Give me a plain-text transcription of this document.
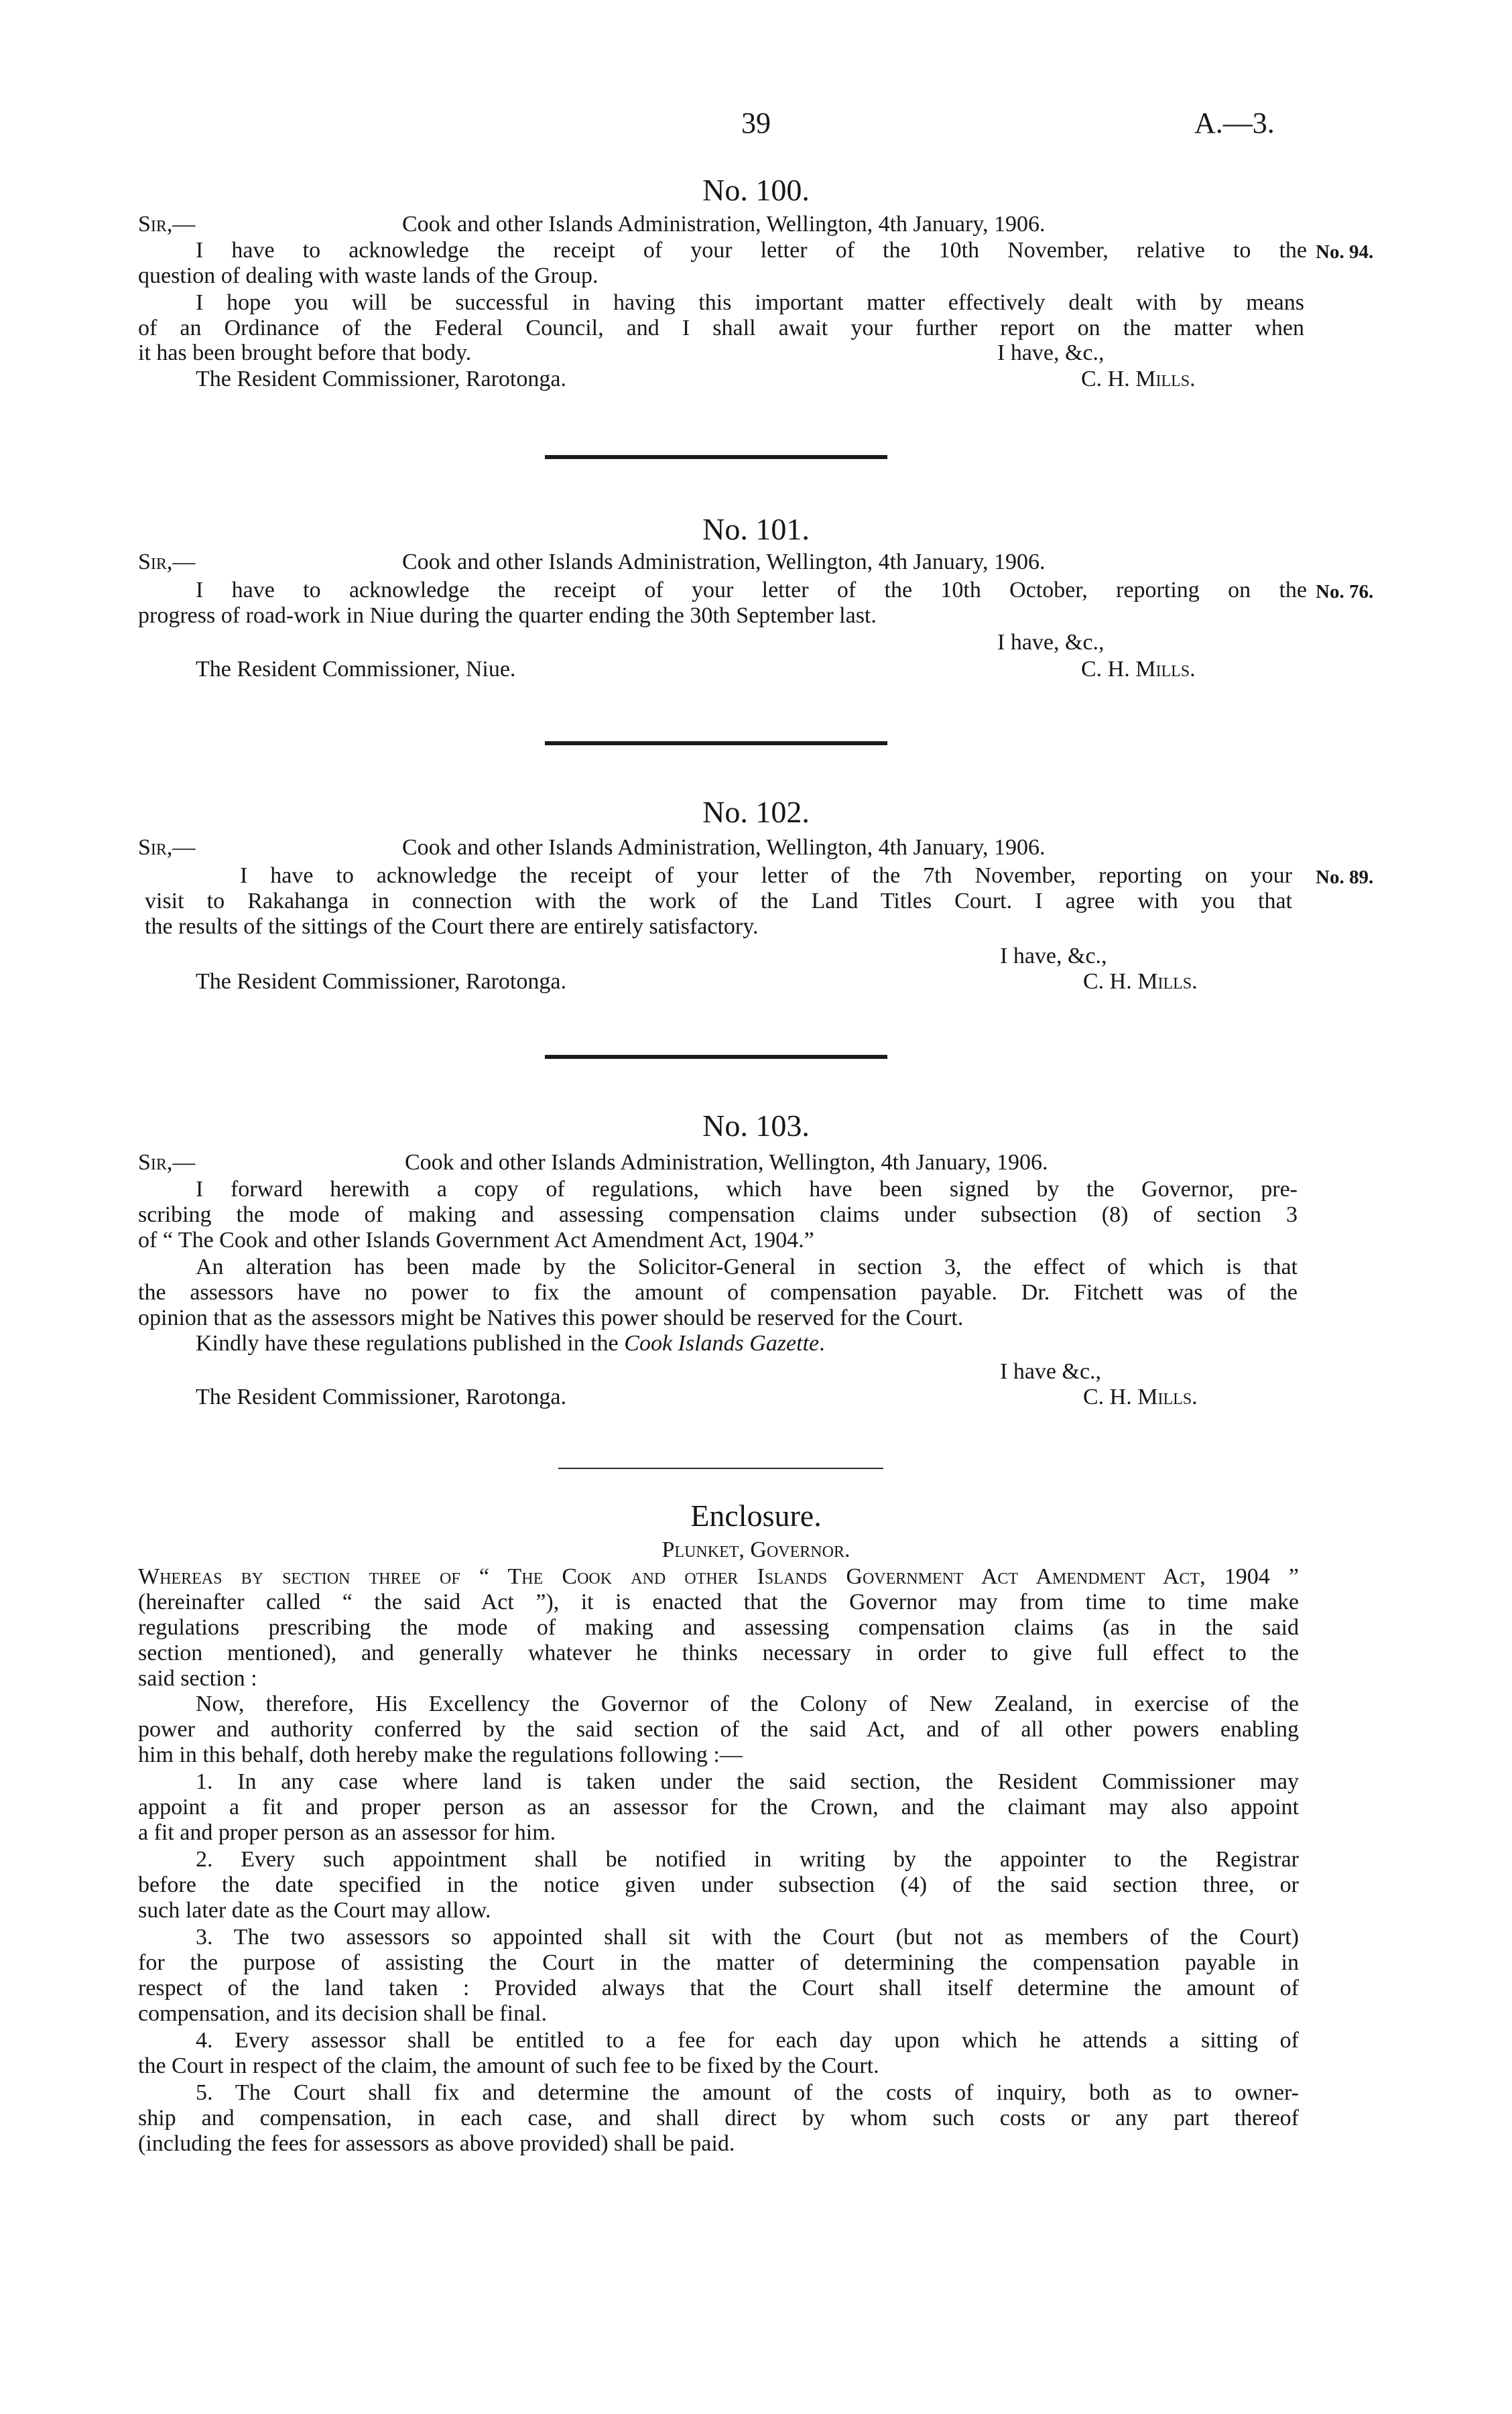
39	A.—3.
No. 100.
Sir,—	Cook and other Islands Administration, Wellington, 4th January, 1906.
I have to acknowledge the receipt of your letter of the 10th November, relative to the No. 94.
question of dealing with waste lands of the Group.
I hope you will be successful in having this important matter effectively dealt with by means
of an Ordinance of the Federal Council, and I shall await your further report on the matter when
it has been brought before that body.	I have, &c.,
The Resident Commissioner, Rarotonga.	C. H. Mills.
No. 101.
Sir,—	Cook and other Islands Administration, Wellington, 4th January, 1906.
I have to acknowledge the receipt of your letter of the 10th October, reporting on the No. 76.
progress of road-work in Niue during the quarter ending the 30th September last.
I have, &c.,
The Resident Commissioner, Niue.	C. H. Mills.
No. 102.
Sir,—	Cook and other Islands Administration, Wellington, 4th January, 1906.
I have to acknowledge the receipt of your letter of the 7th November, reporting on your No. 89.
visit to Rakahanga in connection with the work of the Land Titles Court. I agree with you that
the results of the sittings of the Court there are entirely satisfactory.
I have, &c.,
The Resident Commissioner, Rarotonga.	C. H. Mills.
No. 103.
Sir,—	Cook and other Islands Administration, Wellington, 4th January, 1906.
I forward herewith a copy of regulations, which have been signed by the Governor, pre-
scribing the mode of making and assessing compensation claims under subsection (8) of section 3
of “ The Cook and other Islands Government Act Amendment Act, 1904.”
An alteration has been made by the Solicitor-General in section 3, the effect of which is that
the assessors have no power to fix the amount of compensation payable. Dr. Fitchett was of the
opinion that as the assessors might be Natives this power should be reserved for the Court.
Kindly have these regulations published in the Cook Islands Gazette.
I have &c.,
The Resident Commissioner, Rarotonga.	C. H. Mills.
Enclosure.
Plunket, Governor.
Whereas by section three of “ The Cook and other Islands Government Act Amendment Act, 1904 ”
(hereinafter called “ the said Act ”), it is enacted that the Governor may from time to time make
regulations prescribing the mode of making and assessing compensation claims (as in the said
section mentioned), and generally whatever he thinks necessary in order to give full effect to the
said section :
Now, therefore, His Excellency the Governor of the Colony of New Zealand, in exercise of the
power and authority conferred by the said section of the said Act, and of all other powers enabling
him in this behalf, doth hereby make the regulations following :—
1. In any case where land is taken under the said section, the Resident Commissioner may
appoint a fit and proper person as an assessor for the Crown, and the claimant may also appoint
a fit and proper person as an assessor for him.
2. Every such appointment shall be notified in writing by the appointer to the Registrar
before the date specified in the notice given under subsection (4) of the said section three, or
such later date as the Court may allow.
3. The two assessors so appointed shall sit with the Court (but not as members of the Court)
for the purpose of assisting the Court in the matter of determining the compensation payable in
respect of the land taken : Provided always that the Court shall itself determine the amount of
compensation, and its decision shall be final.
4. Every assessor shall be entitled to a fee for each day upon which he attends a sitting of
the Court in respect of the claim, the amount of such fee to be fixed by the Court.
5. The Court shall fix and determine the amount of the costs of inquiry, both as to owner-
ship and compensation, in each case, and shall direct by whom such costs or any part thereof
(including the fees for assessors as above provided) shall be paid.
